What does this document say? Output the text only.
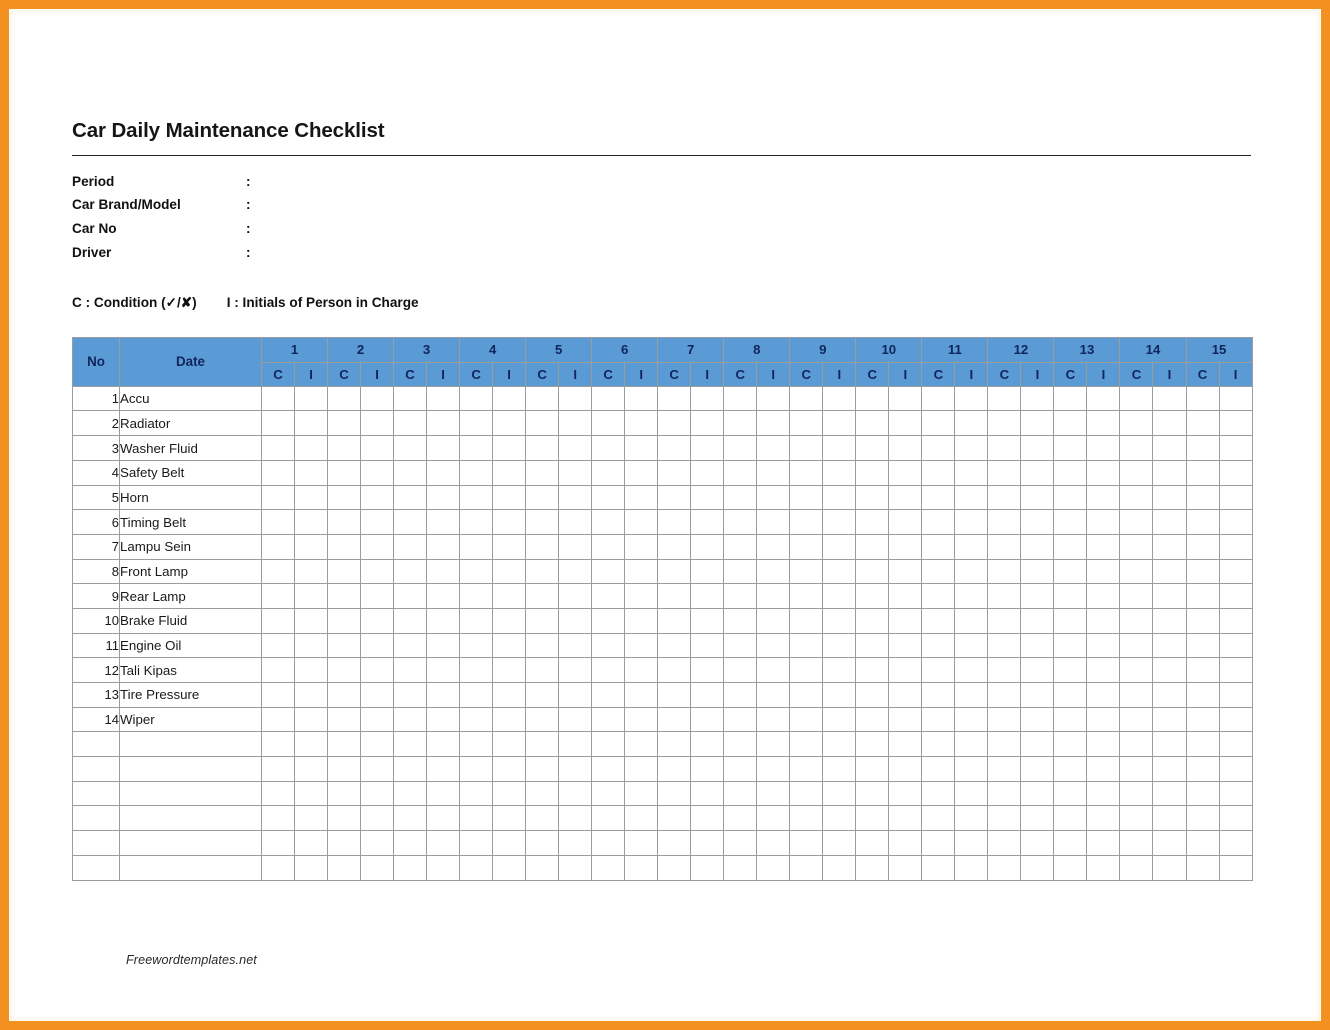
Car Daily Maintenance Checklist
Period	:
Car Brand/Model	:
Car No	:
Driver	:
C : Condition (✓/✘) I : Initials of Person in Charge
No	Date	1		2		3		4		5		6		7		8		9		10		11		12		13		14		15	
		C	I	C	I	C	I	C	I	C	I	C	I	C	I	C	I	C	I	C	I	C	I	C	I	C	I	C	I	C	I
1	Accu																														
2	Radiator																														
3	Washer Fluid																														
4	Safety Belt																														
5	Horn																														
6	Timing Belt																														
7	Lampu Sein																														
8	Front Lamp																														
9	Rear Lamp																														
10	Brake Fluid																														
11	Engine Oil																														
12	Tali Kipas																														
13	Tire Pressure																														
14	Wiper																														

Freewordtemplates.net
